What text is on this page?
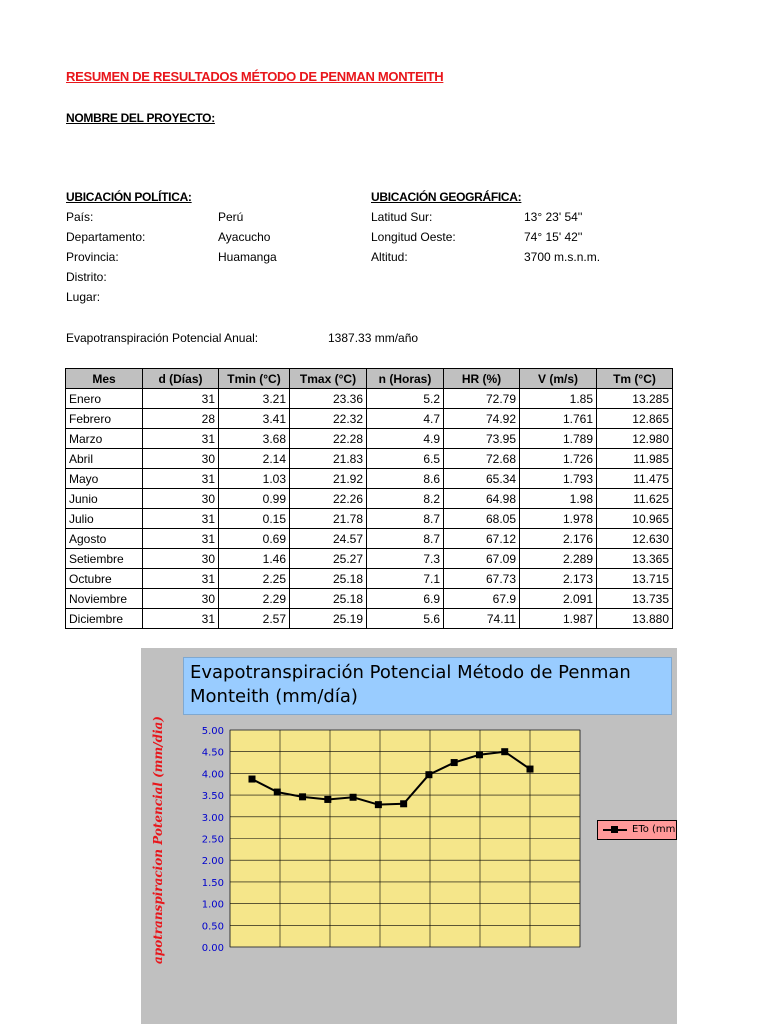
RESUMEN DE RESULTADOS MÉTODO DE PENMAN MONTEITH
NOMBRE DEL PROYECTO:
UBICACIÓN POLÍTICA:
País:	Perú
Departamento:	Ayacucho
Provincia:	Huamanga
Distrito:
Lugar:
UBICACIÓN GEOGRÁFICA:
Latitud Sur:	13° 23' 54''
Longitud Oeste:	74° 15' 42''
Altitud:	3700 m.s.n.m.
Evapotranspiración Potencial Anual:	1387.33 mm/año
Mes	d (Días)	Tmin (°C)	Tmax (°C)	n (Horas)	HR (%)	V (m/s)	Tm (°C)
Enero	31	3.21	23.36	5.2	72.79	1.85	13.285
Febrero	28	3.41	22.32	4.7	74.92	1.761	12.865
Marzo	31	3.68	22.28	4.9	73.95	1.789	12.980
Abril	30	2.14	21.83	6.5	72.68	1.726	11.985
Mayo	31	1.03	21.92	8.6	65.34	1.793	11.475
Junio	30	0.99	22.26	8.2	64.98	1.98	11.625
Julio	31	0.15	21.78	8.7	68.05	1.978	10.965
Agosto	31	0.69	24.57	8.7	67.12	2.176	12.630
Setiembre	30	1.46	25.27	7.3	67.09	2.289	13.365
Octubre	31	2.25	25.18	7.1	67.73	2.173	13.715
Noviembre	30	2.29	25.18	6.9	67.9	2.091	13.735
Diciembre	31	2.57	25.19	5.6	74.11	1.987	13.880
Evapotranspiración Potencial Método de Penman Monteith (mm/día)
apotranspiracion Potencial (mm/dia)	0.00
0.50
1.00
1.50
2.00
2.50
3.00
3.50
4.00
4.50
5.00
ETo (mm
